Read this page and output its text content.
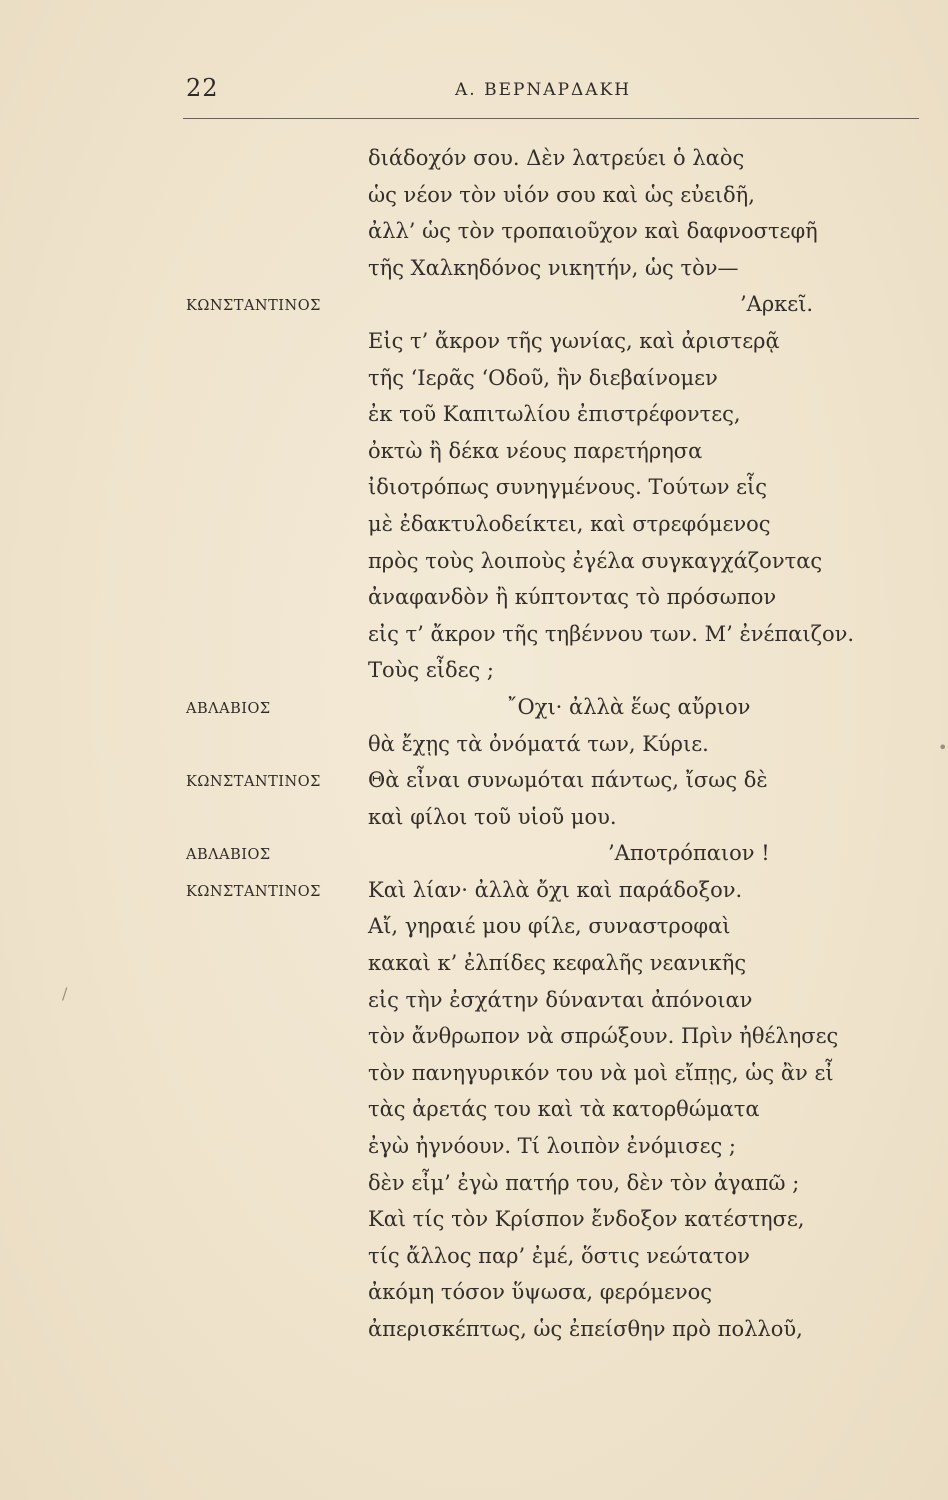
22	Α. ΒΕΡΝΑΡΔΑΚΗ
διάδοχόν σου. Δὲν λατρεύει ὁ λαὸς
ὡς νέον τὸν υἱόν σου καὶ ὡς εὐειδῆ,
ἀλλ’ ὡς τὸν τροπαιοῦχον καὶ δαφνοστεφῆ
τῆς Χαλκηδόνος νικητήν, ὡς τὸν—
ΚΩΝΣΤΑΝΤΙΝΟΣ	’Αρκεῖ.
Εἰς τ’ ἄκρον τῆς γωνίας, καὶ ἀριστερᾷ
τῆς ‘Ιερᾶς ‘Οδοῦ, ἣν διεβαίνομεν
ἐκ τοῦ Καπιτωλίου ἐπιστρέφοντες,
ὀκτὼ ἢ δέκα νέους παρετήρησα
ἰδιοτρόπως συνηγμένους. Τούτων εἷς
μὲ ἐδακτυλοδείκτει, καὶ στρεφόμενος
πρὸς τοὺς λοιποὺς ἐγέλα συγκαγχάζοντας
ἀναφανδὸν ἢ κύπτοντας τὸ πρόσωπον
εἰς τ’ ἄκρον τῆς τηβέννου των. Μ’ ἐνέπαιζον.
Τοὺς εἶδες ;
ΑΒΛΑΒΙΟΣ	῎Οχι· ἀλλὰ ἕως αὔριον
θὰ ἔχῃς τὰ ὀνόματά των, Κύριε.
ΚΩΝΣΤΑΝΤΙΝΟΣ Θὰ εἶναι συνωμόται πάντως, ἴσως δὲ
καὶ φίλοι τοῦ υἱοῦ μου.
ΑΒΛΑΒΙΟΣ	’Αποτρόπαιον !
ΚΩΝΣΤΑΝΤΙΝΟΣ Καὶ λίαν· ἀλλὰ ὄχι καὶ παράδοξον.
Αἴ, γηραιέ μου φίλε, συναστροφαὶ
κακαὶ κ’ ἐλπίδες κεφαλῆς νεανικῆς
εἰς τὴν ἐσχάτην δύνανται ἀπόνοιαν
τὸν ἄνθρωπον νὰ σπρώξουν. Πρὶν ἠθέλησες
τὸν πανηγυρικόν του νὰ μοὶ εἴπῃς, ὡς ἂν εἶ
τὰς ἀρετάς του καὶ τὰ κατορθώματα
ἐγὼ ἠγνόουν. Τί λοιπὸν ἐνόμισες ;
δὲν εἶμ’ ἐγὼ πατήρ του, δὲν τὸν ἀγαπῶ ;
Καὶ τίς τὸν Κρίσπον ἔνδοξον κατέστησε,
τίς ἄλλος παρ’ ἐμέ, ὅστις νεώτατον
ἀκόμη τόσον ὕψωσα, φερόμενος
ἀπερισκέπτως, ὡς ἐπείσθην πρὸ πολλοῦ,
•
/
